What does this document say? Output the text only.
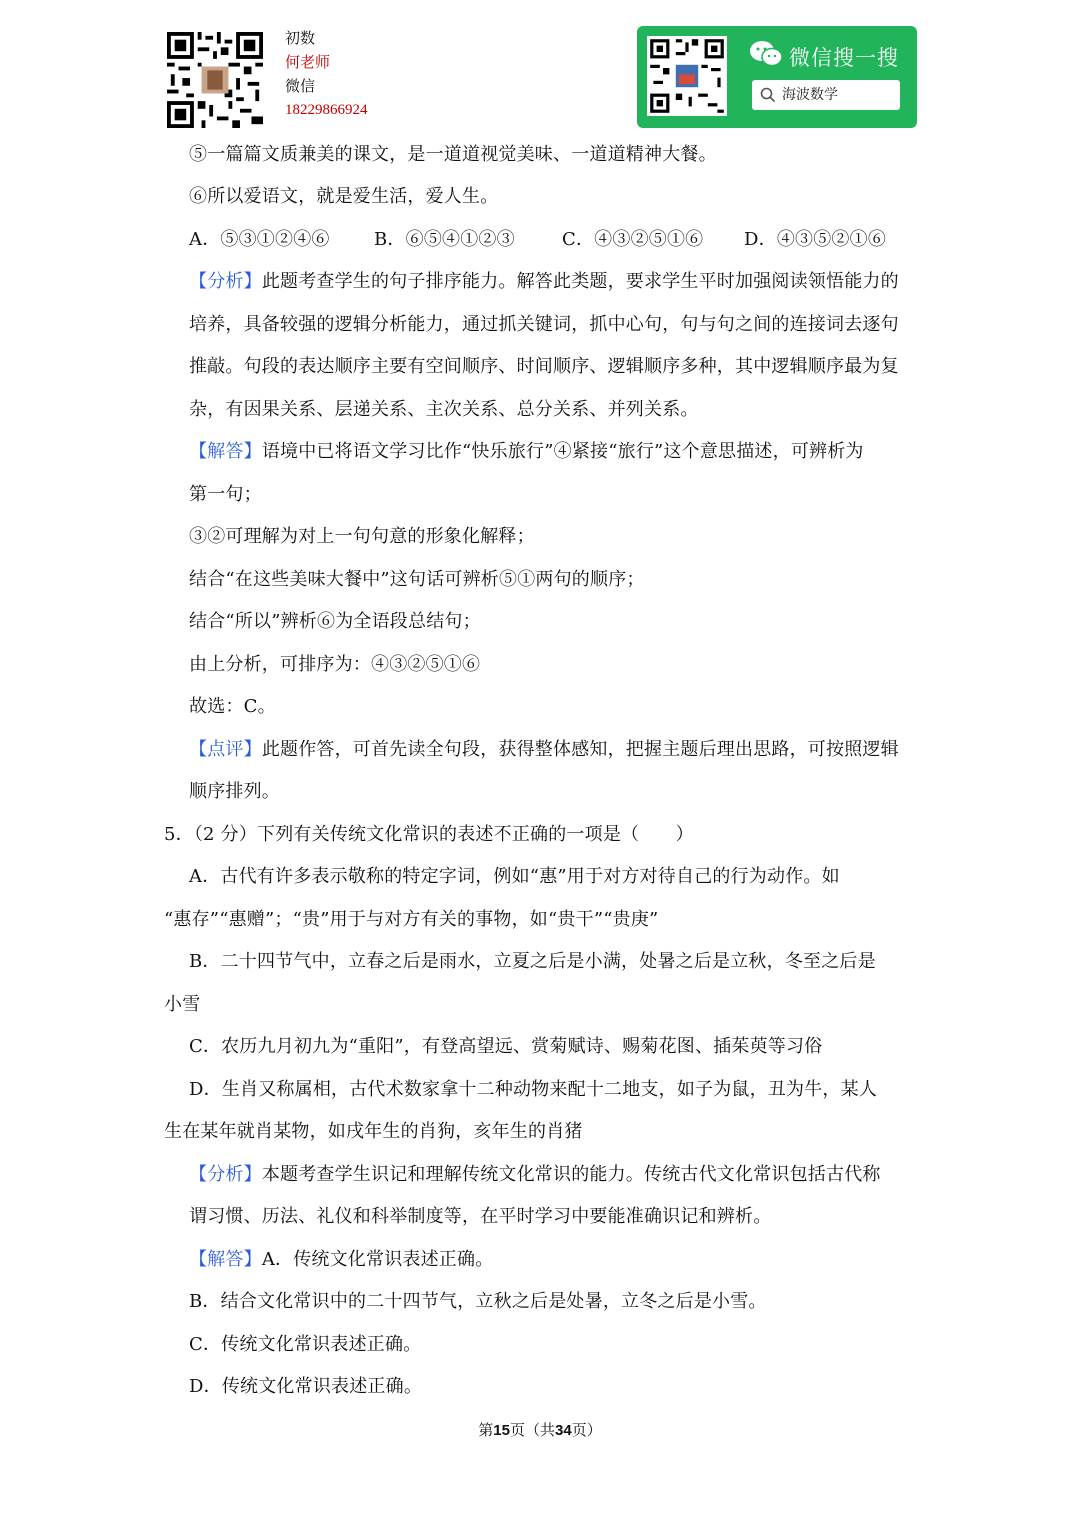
初数
何老师
微信
18229866924
微信搜一搜
海波数学
⑤一篇篇文质兼美的课文，是一道道视觉美味、一道道精神大餐。
⑥所以爱语文，就是爱生活，爱人生。
A．⑤③①②④⑥ B．⑥⑤④①②③	C．④③②⑤①⑥ D．④③⑤②①⑥
【分析】此题考查学生的句子排序能力。解答此类题，要求学生平时加强阅读领悟能力的
培养，具备较强的逻辑分析能力，通过抓关键词，抓中心句，句与句之间的连接词去逐句
推敲。句段的表达顺序主要有空间顺序、时间顺序、逻辑顺序多种，其中逻辑顺序最为复
杂，有因果关系、层递关系、主次关系、总分关系、并列关系。
【解答】语境中已将语文学习比作“快乐旅行”④紧接“旅行”这个意思描述，可辨析为
第一句；
③②可理解为对上一句句意的形象化解释；
结合“在这些美味大餐中”这句话可辨析⑤①两句的顺序；
结合“所以”辨析⑥为全语段总结句；
由上分析，可排序为：④③②⑤①⑥
故选：C。
【点评】此题作答，可首先读全句段，获得整体感知，把握主题后理出思路，可按照逻辑
顺序排列。
5．（2 分）下列有关传统文化常识的表述不正确的一项是（　　）
A．古代有许多表示敬称的特定字词，例如“惠”用于对方对待自己的行为动作。如
“惠存”“惠赠”；“贵”用于与对方有关的事物，如“贵干”“贵庚”
B．二十四节气中，立春之后是雨水，立夏之后是小满，处暑之后是立秋，冬至之后是
小雪
C．农历九月初九为“重阳”，有登高望远、赏菊赋诗、赐菊花图、插茱萸等习俗
D．生肖又称属相，古代术数家拿十二种动物来配十二地支，如子为鼠，丑为牛，某人
生在某年就肖某物，如戌年生的肖狗，亥年生的肖猪
【分析】本题考查学生识记和理解传统文化常识的能力。传统古代文化常识包括古代称
谓习惯、历法、礼仪和科举制度等，在平时学习中要能准确识记和辨析。
【解答】A．传统文化常识表述正确。
B．结合文化常识中的二十四节气，立秋之后是处暑，立冬之后是小雪。
C．传统文化常识表述正确。
D．传统文化常识表述正确。
第15页（共34页）
